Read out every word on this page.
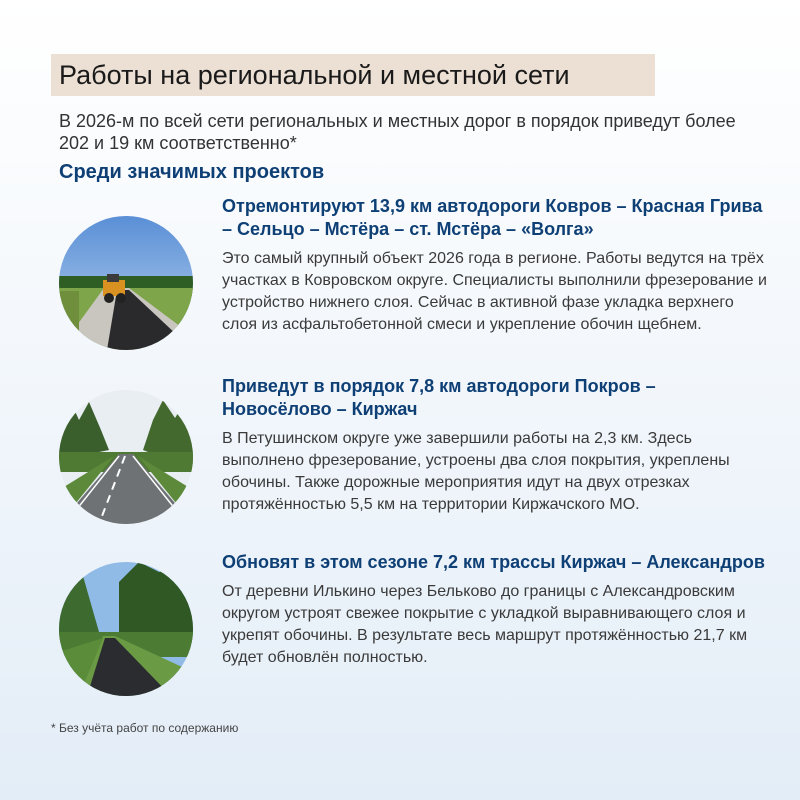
Работы на региональной и местной сети
В 2026-м по всей сети региональных и местных дорог в порядок приведут более 202 и 19 км соответственно*
Среди значимых проектов

Отремонтируют 13,9 км автодороги Ковров – Красная Грива – Сельцо – Мстёра – ст. Мстёра – «Волга»

Это самый крупный объект 2026 года в регионе. Работы ведутся на трёх участках в Ковровском округе. Специалисты выполнили фрезерование и устройство нижнего слоя. Сейчас в активной фазе укладка верхнего слоя из асфальтобетонной смеси и укрепление обочин щебнем.

Приведут в порядок 7,8 км автодороги Покров – Новосёлово – Киржач

В Петушинском округе уже завершили работы на 2,3 км. Здесь выполнено фрезерование, устроены два слоя покрытия, укреплены обочины. Также дорожные мероприятия идут на двух отрезках протяжённостью 5,5 км на территории Киржачского МО.

Обновят в этом сезоне 7,2 км трассы Киржач – Александров

От деревни Илькино через Бельково до границы с Александровским округом устроят свежее покрытие с укладкой выравнивающего слоя и укрепят обочины. В результате весь маршрут протяжённостью 21,7 км будет обновлён полностью.

* Без учёта работ по содержанию
